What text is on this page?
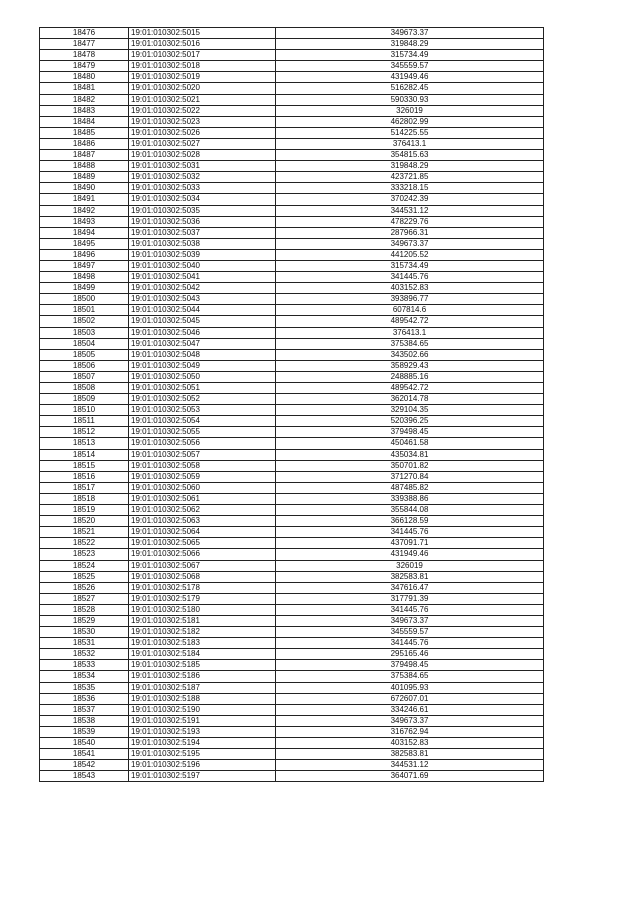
18476	19:01:010302:5015	349673.37
18477	19:01:010302:5016	319848.29
18478	19:01:010302:5017	315734.49
18479	19:01:010302:5018	345559.57
18480	19:01:010302:5019	431949.46
18481	19:01:010302:5020	516282.45
18482	19:01:010302:5021	590330.93
18483	19:01:010302:5022	326019
18484	19:01:010302:5023	462802.99
18485	19:01:010302:5026	514225.55
18486	19:01:010302:5027	376413.1
18487	19:01:010302:5028	354815.63
18488	19:01:010302:5031	319848.29
18489	19:01:010302:5032	423721.85
18490	19:01:010302:5033	333218.15
18491	19:01:010302:5034	370242.39
18492	19:01:010302:5035	344531.12
18493	19:01:010302:5036	478229.76
18494	19:01:010302:5037	287966.31
18495	19:01:010302:5038	349673.37
18496	19:01:010302:5039	441205.52
18497	19:01:010302:5040	315734.49
18498	19:01:010302:5041	341445.76
18499	19:01:010302:5042	403152.83
18500	19:01:010302:5043	393896.77
18501	19:01:010302:5044	607814.6
18502	19:01:010302:5045	489542.72
18503	19:01:010302:5046	376413.1
18504	19:01:010302:5047	375384.65
18505	19:01:010302:5048	343502.66
18506	19:01:010302:5049	358929.43
18507	19:01:010302:5050	248885.16
18508	19:01:010302:5051	489542.72
18509	19:01:010302:5052	362014.78
18510	19:01:010302:5053	329104.35
18511	19:01:010302:5054	520396.25
18512	19:01:010302:5055	379498.45
18513	19:01:010302:5056	450461.58
18514	19:01:010302:5057	435034.81
18515	19:01:010302:5058	350701.82
18516	19:01:010302:5059	371270.84
18517	19:01:010302:5060	487485.82
18518	19:01:010302:5061	339388.86
18519	19:01:010302:5062	355844.08
18520	19:01:010302:5063	366128.59
18521	19:01:010302:5064	341445.76
18522	19:01:010302:5065	437091.71
18523	19:01:010302:5066	431949.46
18524	19:01:010302:5067	326019
18525	19:01:010302:5068	382583.81
18526	19:01:010302:5178	347616.47
18527	19:01:010302:5179	317791.39
18528	19:01:010302:5180	341445.76
18529	19:01:010302:5181	349673.37
18530	19:01:010302:5182	345559.57
18531	19:01:010302:5183	341445.76
18532	19:01:010302:5184	295165.46
18533	19:01:010302:5185	379498.45
18534	19:01:010302:5186	375384.65
18535	19:01:010302:5187	401095.93
18536	19:01:010302:5188	672607.01
18537	19:01:010302:5190	334246.61
18538	19:01:010302:5191	349673.37
18539	19:01:010302:5193	316762.94
18540	19:01:010302:5194	403152.83
18541	19:01:010302:5195	382583.81
18542	19:01:010302:5196	344531.12
18543	19:01:010302:5197	364071.69
